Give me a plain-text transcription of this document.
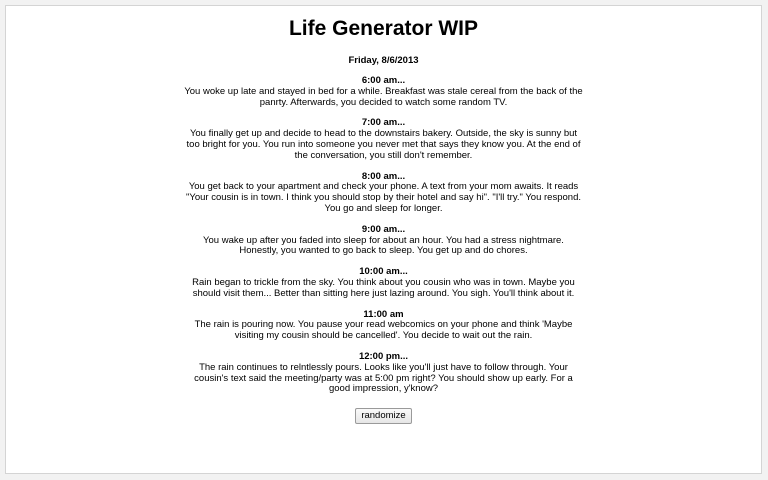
Life Generator WIP
Friday, 8/6/2013
6:00 am...
You woke up late and stayed in bed for a while. Breakfast was stale cereal from the back of the panrty. Afterwards, you decided to watch some random TV.
7:00 am...
You finally get up and decide to head to the downstairs bakery. Outside, the sky is sunny but too bright for you. You run into someone you never met that says they know you. At the end of the conversation, you still don't remember.
8:00 am...
You get back to your apartment and check your phone. A text from your mom awaits. It reads "Your cousin is in town. I think you should stop by their hotel and say hi". "I'll try." You respond. You go and sleep for longer.
9:00 am...
You wake up after you faded into sleep for about an hour. You had a stress nightmare. Honestly, you wanted to go back to sleep. You get up and do chores.
10:00 am...
Rain began to trickle from the sky. You think about you cousin who was in town. Maybe you should visit them... Better than sitting here just lazing around. You sigh. You'll think about it.
11:00 am
The rain is pouring now. You pause your read webcomics on your phone and think 'Maybe visiting my cousin should be cancelled'. You decide to wait out the rain.
12:00 pm...
The rain continues to relntlessly pours. Looks like you'll just have to follow through. Your cousin's text said the meeting/party was at 5:00 pm right? You should show up early. For a good impression, y'know?
randomize
